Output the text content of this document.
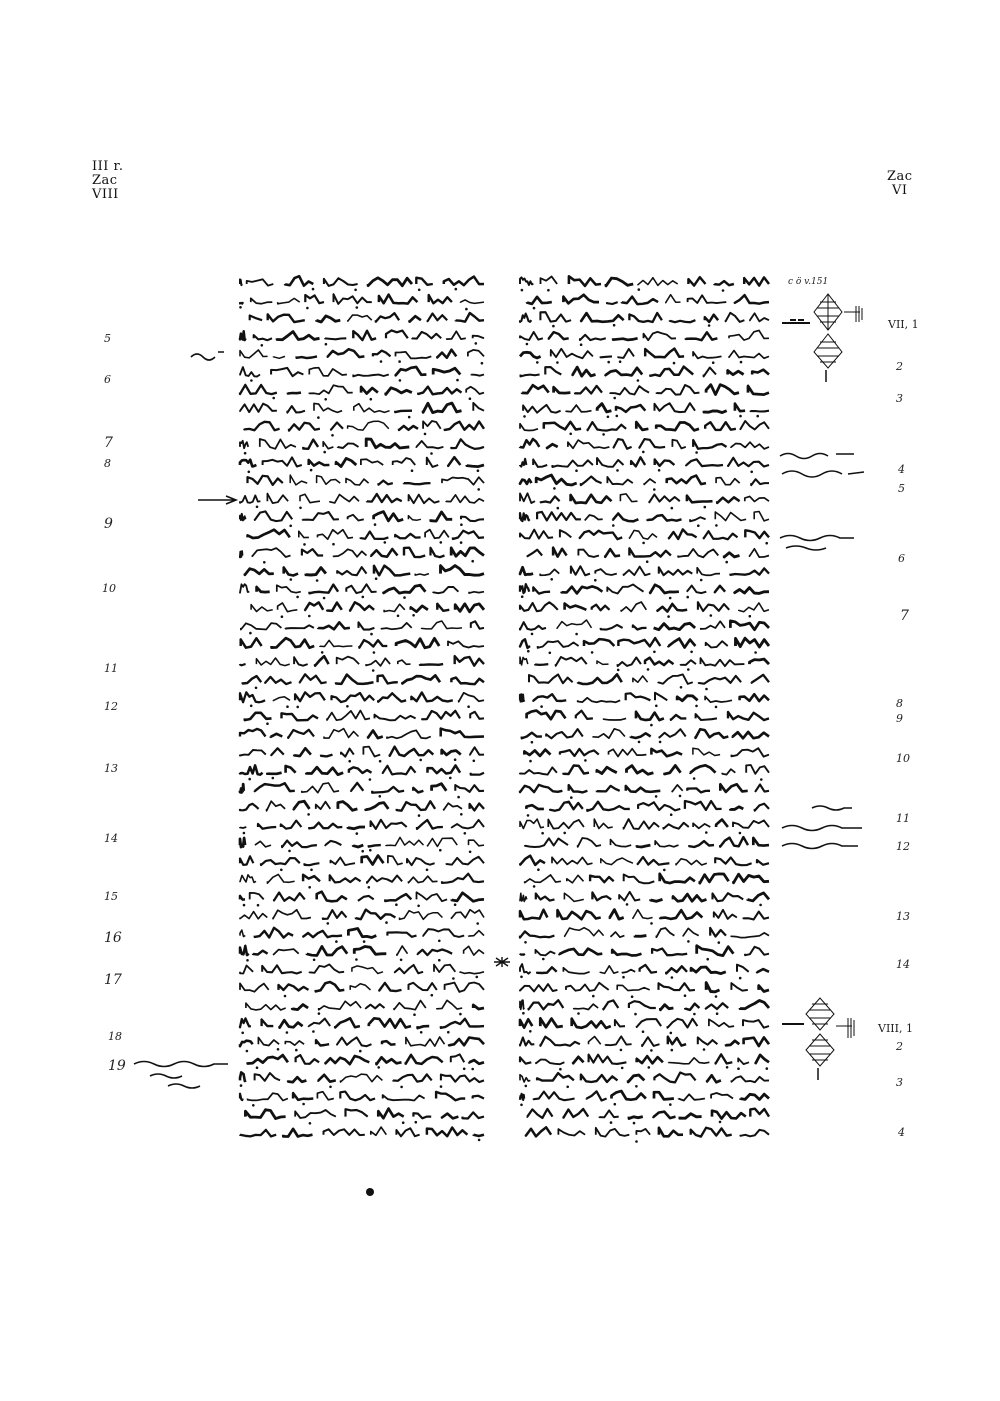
III r.
Zac
VIII
Zac
VI
5
6
7
8
9
10
11
12
13
14
15
16
17
18
19
c ö v.151
VII, 1
2
3
4
5
6
7
8
9
10
11
12
13
14
VIII, 1
2
3
4
